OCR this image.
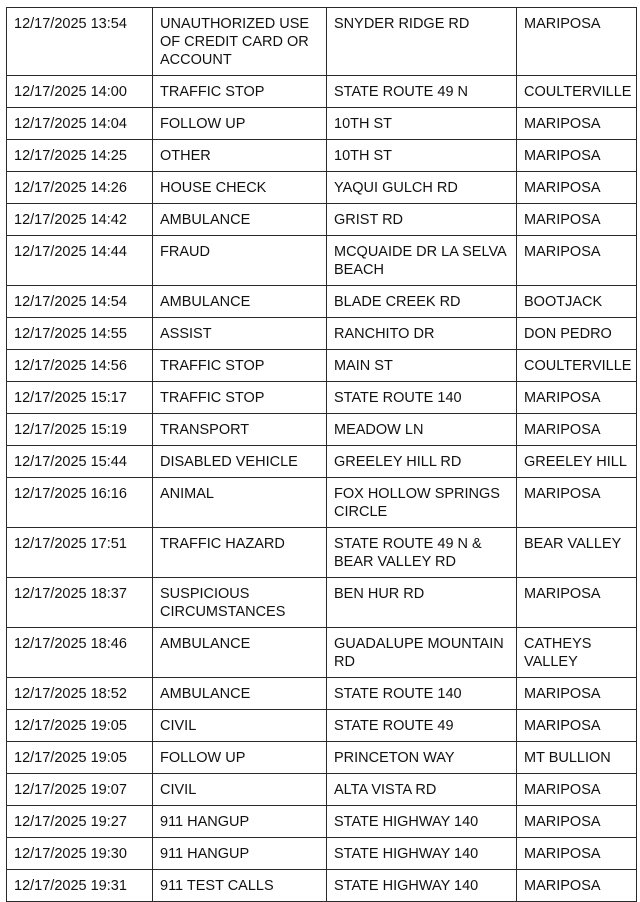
12/17/2025 13:54	UNAUTHORIZED USE OF CREDIT CARD OR ACCOUNT	SNYDER RIDGE RD	MARIPOSA
12/17/2025 14:00	TRAFFIC STOP	STATE ROUTE 49 N	COULTERVILLE
12/17/2025 14:04	FOLLOW UP	10TH ST	MARIPOSA
12/17/2025 14:25	OTHER	10TH ST	MARIPOSA
12/17/2025 14:26	HOUSE CHECK	YAQUI GULCH RD	MARIPOSA
12/17/2025 14:42	AMBULANCE	GRIST RD	MARIPOSA
12/17/2025 14:44	FRAUD	MCQUAIDE DR LA SELVA BEACH	MARIPOSA
12/17/2025 14:54	AMBULANCE	BLADE CREEK RD	BOOTJACK
12/17/2025 14:55	ASSIST	RANCHITO DR	DON PEDRO
12/17/2025 14:56	TRAFFIC STOP	MAIN ST	COULTERVILLE
12/17/2025 15:17	TRAFFIC STOP	STATE ROUTE 140	MARIPOSA
12/17/2025 15:19	TRANSPORT	MEADOW LN	MARIPOSA
12/17/2025 15:44	DISABLED VEHICLE	GREELEY HILL RD	GREELEY HILL
12/17/2025 16:16	ANIMAL	FOX HOLLOW SPRINGS CIRCLE	MARIPOSA
12/17/2025 17:51	TRAFFIC HAZARD	STATE ROUTE 49 N & BEAR VALLEY RD	BEAR VALLEY
12/17/2025 18:37	SUSPICIOUS CIRCUMSTANCES	BEN HUR RD	MARIPOSA
12/17/2025 18:46	AMBULANCE	GUADALUPE MOUNTAIN RD	CATHEYS VALLEY
12/17/2025 18:52	AMBULANCE	STATE ROUTE 140	MARIPOSA
12/17/2025 19:05	CIVIL	STATE ROUTE 49	MARIPOSA
12/17/2025 19:05	FOLLOW UP	PRINCETON WAY	MT BULLION
12/17/2025 19:07	CIVIL	ALTA VISTA RD	MARIPOSA
12/17/2025 19:27	911 HANGUP	STATE HIGHWAY 140	MARIPOSA
12/17/2025 19:30	911 HANGUP	STATE HIGHWAY 140	MARIPOSA
12/17/2025 19:31	911 TEST CALLS	STATE HIGHWAY 140	MARIPOSA
